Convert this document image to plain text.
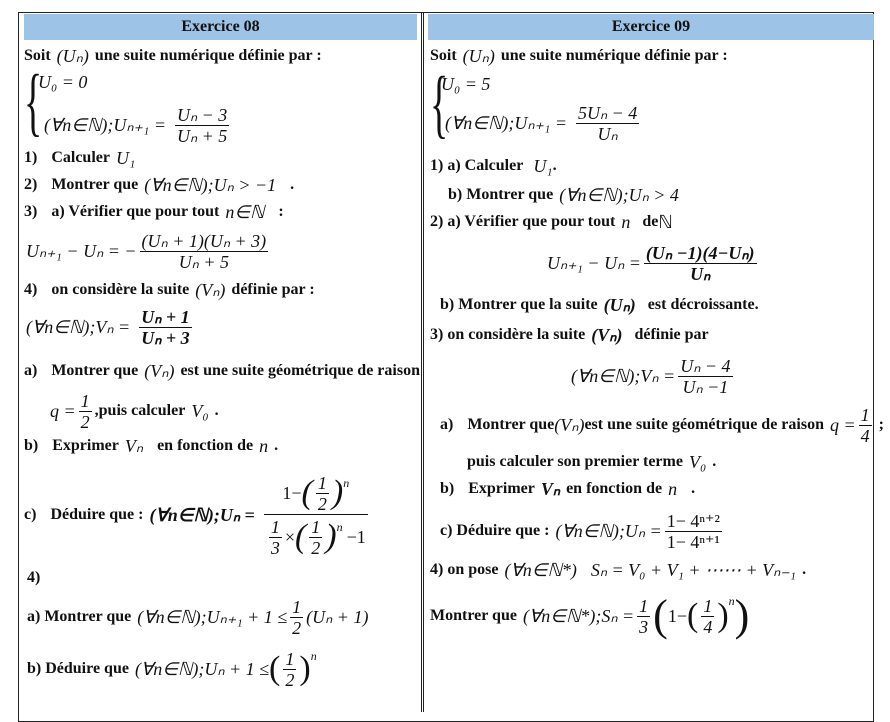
Exercice 08
Soit (Uₙ) une suite numérique définie par :
{
U₀ = 0
(∀n∈ℕ);Uₙ₊₁ = $\frac{\text{Uₙ − 3}}{\text{Uₙ + 5}}$
1) Calculer U₁
2) Montrer que (∀n∈ℕ);Uₙ > −1 .
3) a) Vérifier que pour tout n∈ℕ :
Uₙ₊₁ − Uₙ = − $\frac{\text{(Uₙ + 1)(Uₙ + 3)}}{\text{Uₙ + 5}}$
4) on considère la suite (Vₙ) définie par :
(∀n∈ℕ);Vₙ = $\frac{\text{Uₙ + 1}}{\text{Uₙ + 3}}$
a) Montrer que (Vₙ) est une suite géométrique de raison
$q = \frac{1}{2}$ ,puis calculer V₀ .
b) Exprimer Vₙ en fonction de n .
c) Déduire que : (∀n∈ℕ);Uₙ = 1− ( $\frac{1}{2}$ ) n
$\frac{1}{3}$ × ( $\frac{1}{2}$ ) n
−1
4)
a) Montrer que (∀n∈ℕ);Uₙ₊₁ + $1 \le \frac{1}{2} (U_n + 1)$
b) Déduire que (∀n∈ℕ);Uₙ + 1 ≤ ( $\frac{1}{2}$ ) n
Exercice 09
Soit (Uₙ) une suite numérique définie par :
{
U₀ = 5
(∀n∈ℕ);Uₙ₊₁ = $\frac{\text{5Uₙ − 4}}{\text{Uₙ}}$
1) a) Calculer U₁ .
b) Montrer que (∀n∈ℕ);Uₙ > 4
2) a) Vérifier que pour tout n de ℕ
$U_{n+1} - U_n = \frac{\text{(Uₙ −1)(4−Uₙ)}}{\text{Uₙ}}$
b) Montrer que la suite (Uₙ) est décroissante.
3) on considère la suite (Vₙ) définie par
(∀n∈ℕ);Vₙ = $\frac{\text{Uₙ − 4}}{\text{Uₙ −1}}$
a) Montrer que (Vₙ) est une suite géométrique de raison $q = \frac{1}{4}$ ;
puis calculer son premier terme V₀ .
b) Exprimer Vₙ en fonction de n .
c) Déduire que : (∀n∈ℕ);Uₙ = $\frac{\text{1− 4ⁿ⁺²}}{\text{1− 4ⁿ⁺¹}}$
4) on pose (∀n∈ℕ*) Sₙ = V₀ + V₁ + ⋯⋯ + Vₙ₋₁ .
Montrer que (∀n∈ℕ*);Sₙ = $\frac{1}{3}$ ( 1− ( $\frac{1}{4}$ ) n )
